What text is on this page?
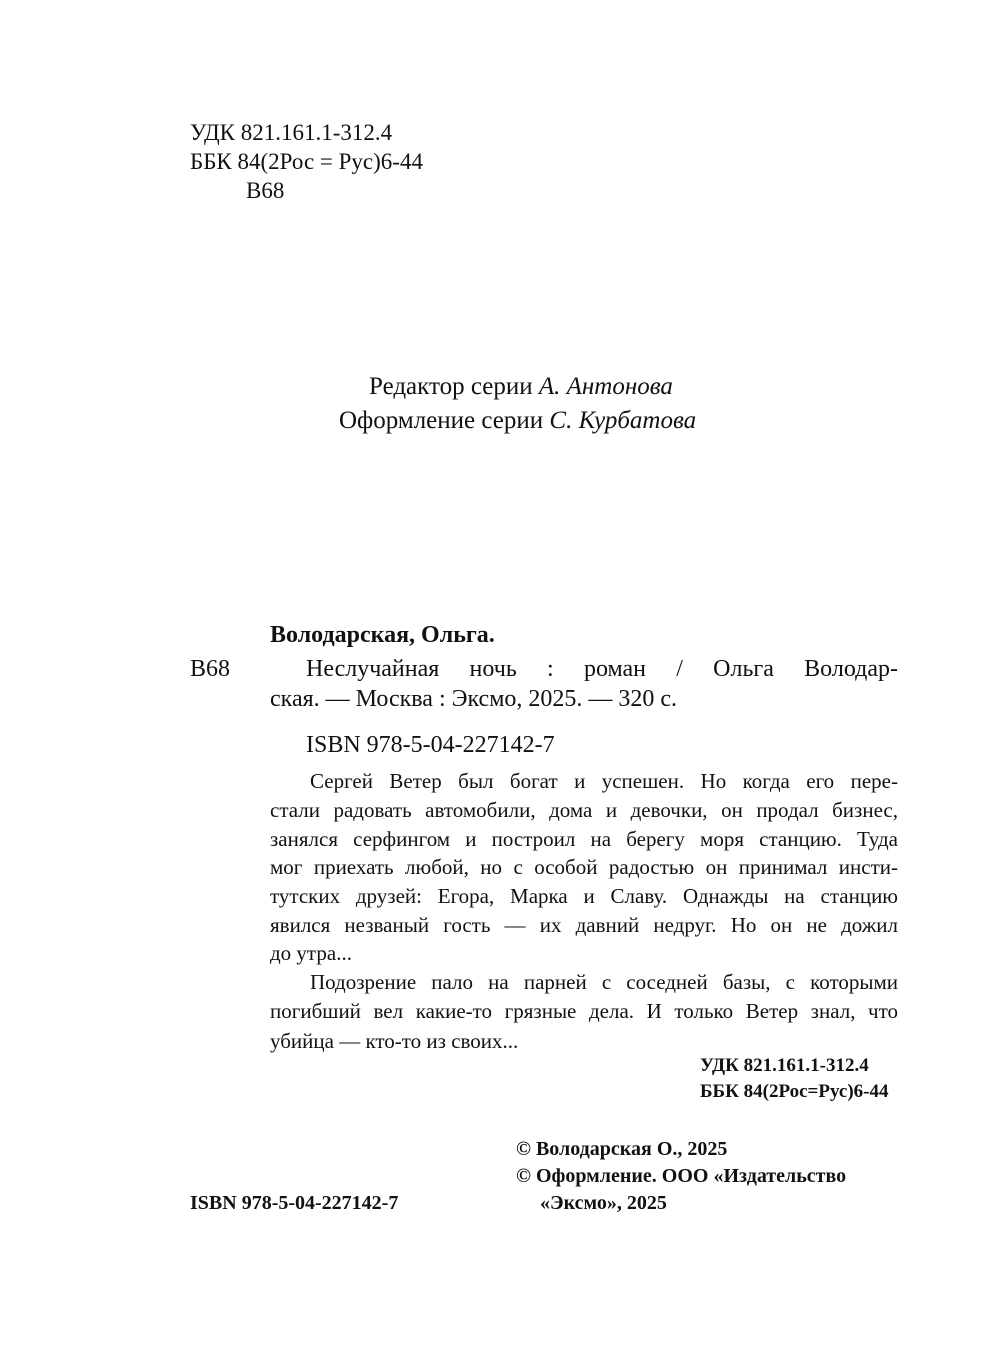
УДК 821.161.1-312.4
ББК 84(2Рос = Рус)6-44
В68
Редактор серии А. Антонова
Оформление серии С. Курбатова
Володарская, Ольга.
В68	Неслучайная ночь : роман / Ольга Володар-
ская. — Москва : Эксмо, 2025. — 320 с.
ISBN 978-5-04-227142-7
Сергей Ветер был богат и успешен. Но когда его пере-
стали радовать автомобили, дома и девочки, он продал бизнес,
занялся серфингом и построил на берегу моря станцию. Туда
мог приехать любой, но с особой радостью он принимал инсти-
тутских друзей: Егора, Марка и Славу. Однажды на станцию
явился незваный гость — их давний недруг. Но он не дожил
до утра...
Подозрение пало на парней с соседней базы, с которыми
погибший вел какие-то грязные дела. И только Ветер знал, что
убийца — кто-то из своих...
УДК 821.161.1-312.4
ББК 84(2Рос=Рус)6-44
© Володарская О., 2025
© Оформление. ООО «Издательство
«Эксмо», 2025
ISBN 978-5-04-227142-7
